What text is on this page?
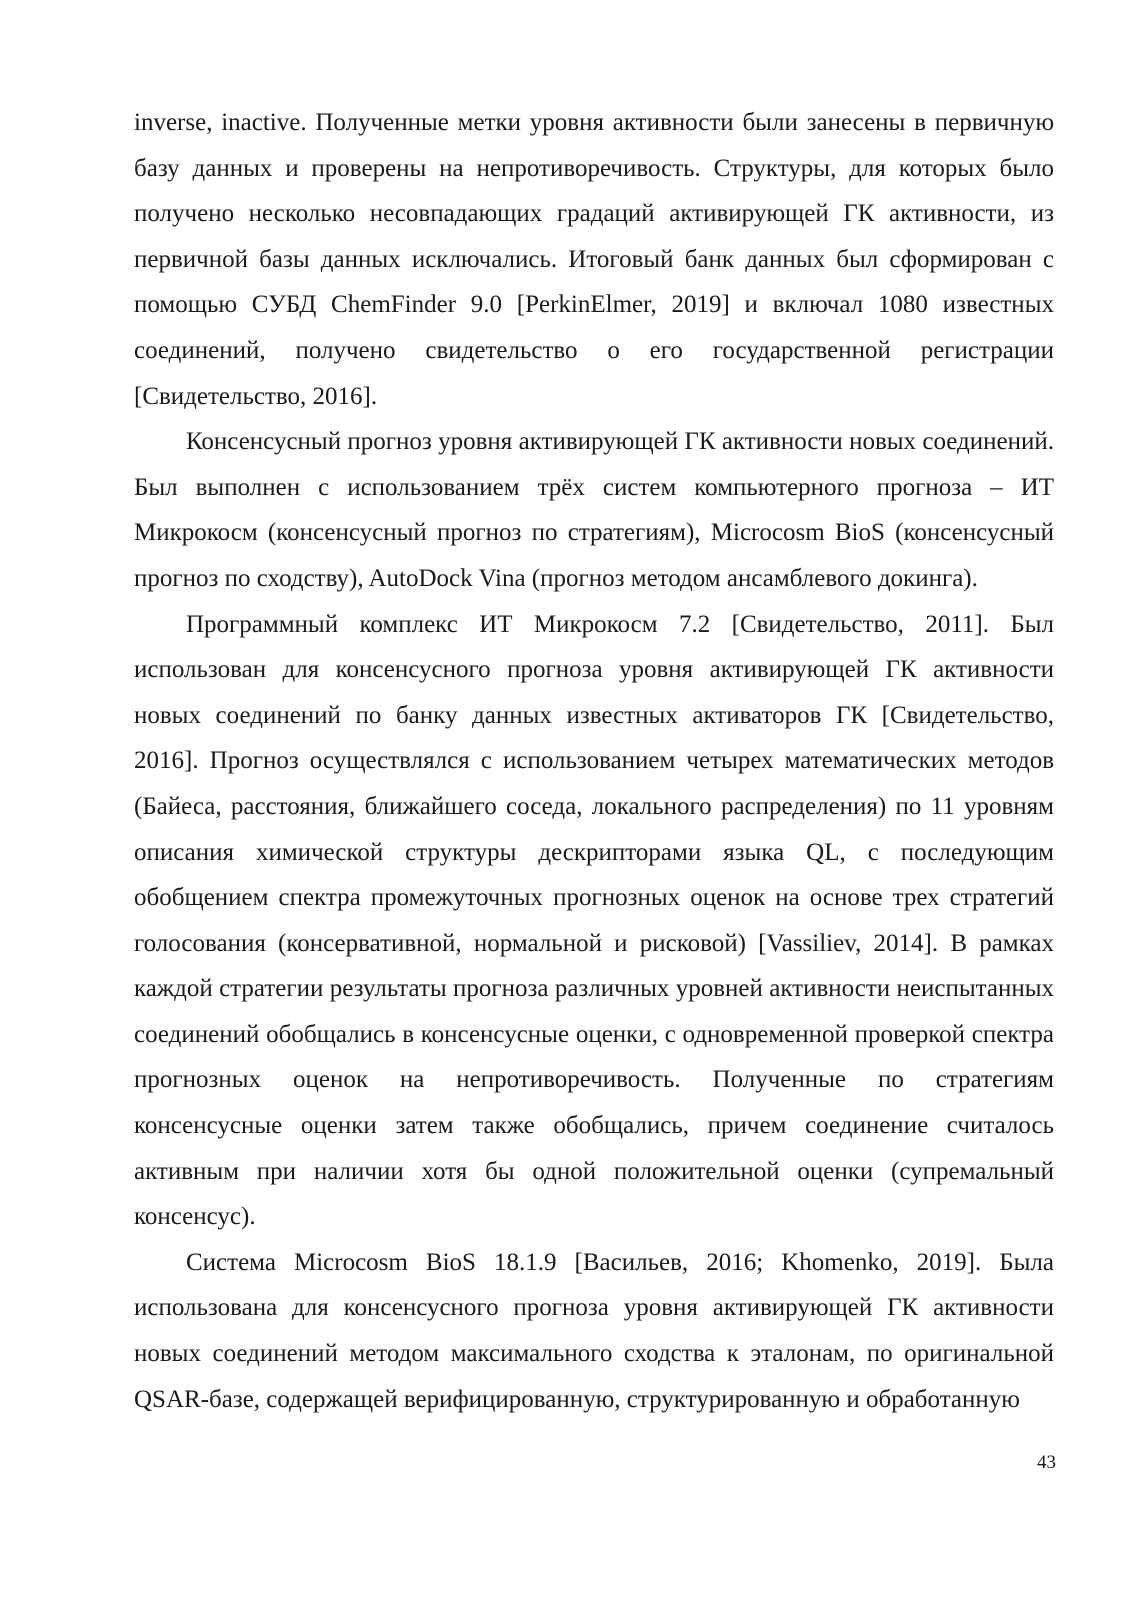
inverse, inactive. Полученные метки уровня активности были занесены в первичную базу данных и проверены на непротиворечивость. Структуры, для которых было получено несколько несовпадающих градаций активирующей ГК активности, из первичной базы данных исключались. Итоговый банк данных был сформирован с помощью СУБД ChemFinder 9.0 [PerkinElmer, 2019] и включал 1080 известных соединений, получено свидетельство о его государственной регистрации [Свидетельство, 2016].

Консенсусный прогноз уровня активирующей ГК активности новых соединений. Был выполнен с использованием трёх систем компьютерного прогноза – ИТ Микрокосм (консенсусный прогноз по стратегиям), Microcosm BioS (консенсусный прогноз по сходству), AutoDock Vina (прогноз методом ансамблевого докинга).

Программный комплекс ИТ Микрокосм 7.2 [Свидетельство, 2011]. Был использован для консенсусного прогноза уровня активирующей ГК активности новых соединений по банку данных известных активаторов ГК [Свидетельство, 2016]. Прогноз осуществлялся с использованием четырех математических методов (Байеса, расстояния, ближайшего соседа, локального распределения) по 11 уровням описания химической структуры дескрипторами языка QL, с последующим обобщением спектра промежуточных прогнозных оценок на основе трех стратегий голосования (консервативной, нормальной и рисковой) [Vassiliev, 2014]. В рамках каждой стратегии результаты прогноза различных уровней активности неиспытанных соединений обобщались в консенсусные оценки, с одновременной проверкой спектра прогнозных оценок на непротиворечивость. Полученные по стратегиям консенсусные оценки затем также обобщались, причем соединение считалось активным при наличии хотя бы одной положительной оценки (супремальный консенсус).

Система Microcosm BioS 18.1.9 [Васильев, 2016; Khomenko, 2019]. Была использована для консенсусного прогноза уровня активирующей ГК активности новых соединений методом максимального сходства к эталонам, по оригинальной QSAR-базе, содержащей верифицированную, структурированную и обработанную

43
